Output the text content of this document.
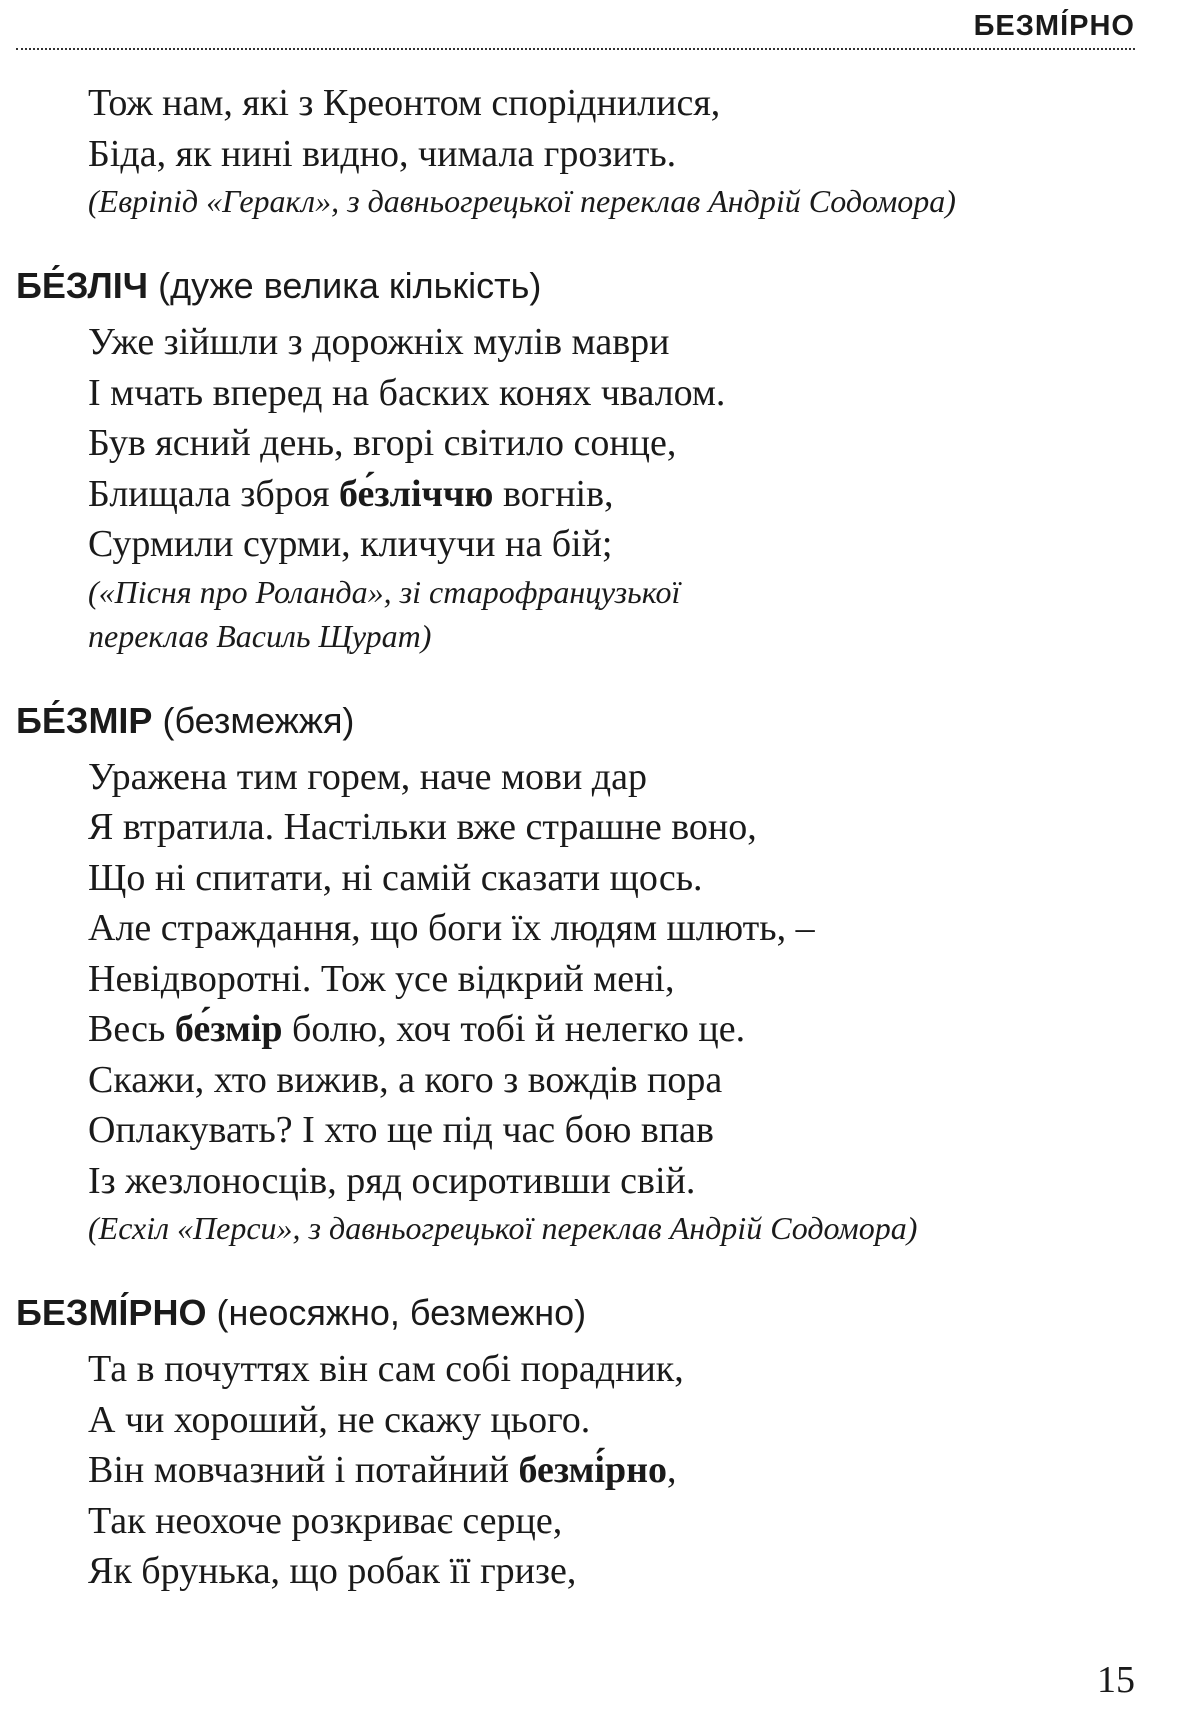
БЕЗМІ́РНО
Тож нам, які з Креонтом споріднилися,
Біда, як нині видно, чимала грозить.
(Евріпід «Геракл», з давньогрецької переклав Андрій Содомора)
БЕ́ЗЛІЧ (дуже велика кількість)
Уже зійшли з дорожніх мулів маври
І мчать вперед на баских конях чвалом.
Був ясний день, вгорі світило сонце,
Блищала зброя бе́зліччю вогнів,
Сурмили сурми, кличучи на бій;
(«Пісня про Роланда», зі старофранцузької
переклав Василь Щурат)
БЕ́ЗМІР (безмежжя)
Уражена тим горем, наче мови дар
Я втратила. Настільки вже страшне воно,
Що ні спитати, ні самій сказати щось.
Але страждання, що боги їх людям шлють, –
Невідворотні. Тож усе відкрий мені,
Весь бе́змір болю, хоч тобі й нелегко це.
Скажи, хто вижив, а кого з вождів пора
Оплакувать? І хто ще під час бою впав
Із жезлоносців, ряд осиротивши свій.
(Есхіл «Перси», з давньогрецької переклав Андрій Содомора)
БЕЗМІ́РНО (неосяжно, безмежно)
Та в почуттях він сам собі порадник,
А чи хороший, не скажу цього.
Він мовчазний і потайний безмі́рно,
Так неохоче розкриває серце,
Як брунька, що робак її гризе,
15
